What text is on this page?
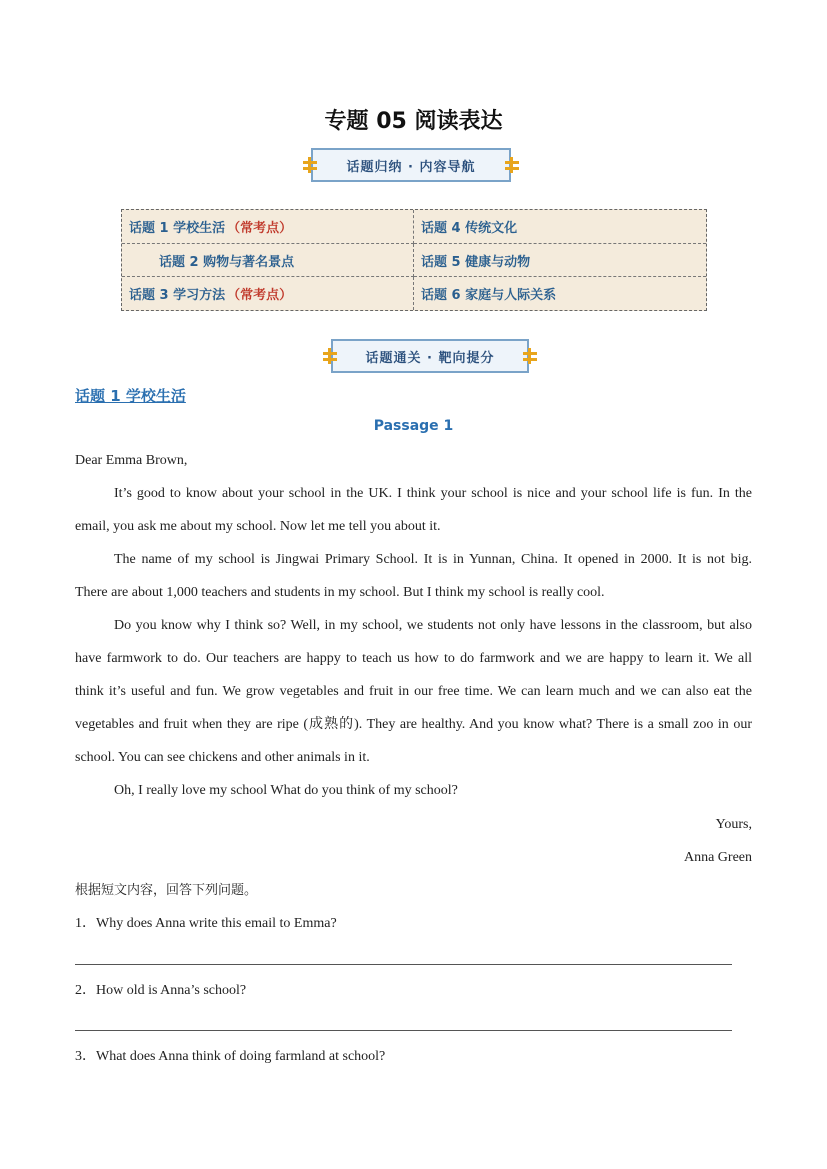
专题 05 阅读表达
话题归纳 · 内容导航
话题 1 学校生活 （常考点）	话题 4 传统文化
话题 2 购物与著名景点	话题 5 健康与动物
话题 3 学习方法 （常考点）	话题 6 家庭与人际关系
话题通关 · 靶向提分
话题 1 学校生活
Passage 1
Dear Emma Brown,
It’s good to know about your school in the UK. I think your school is nice and your school life is fun. In the
email, you ask me about my school. Now let me tell you about it.
The name of my school is Jingwai Primary School. It is in Yunnan, China. It opened in 2000. It is not big.
There are about 1,000 teachers and students in my school. But I think my school is really cool.
Do you know why I think so? Well, in my school, we students not only have lessons in the classroom, but also
have farmwork to do. Our teachers are happy to teach us how to do farmwork and we are happy to learn it. We all
think it’s useful and fun. We grow vegetables and fruit in our free time. We can learn much and we can also eat the
vegetables and fruit when they are ripe (成熟的). They are healthy. And you know what? There is a small zoo in our
school. You can see chickens and other animals in it.
Oh, I really love my school What do you think of my school?
Yours,
Anna Green
根据短文内容，回答下列问题。
1．Why does Anna write this email to Emma?
2．How old is Anna’s school?
3．What does Anna think of doing farmland at school?
